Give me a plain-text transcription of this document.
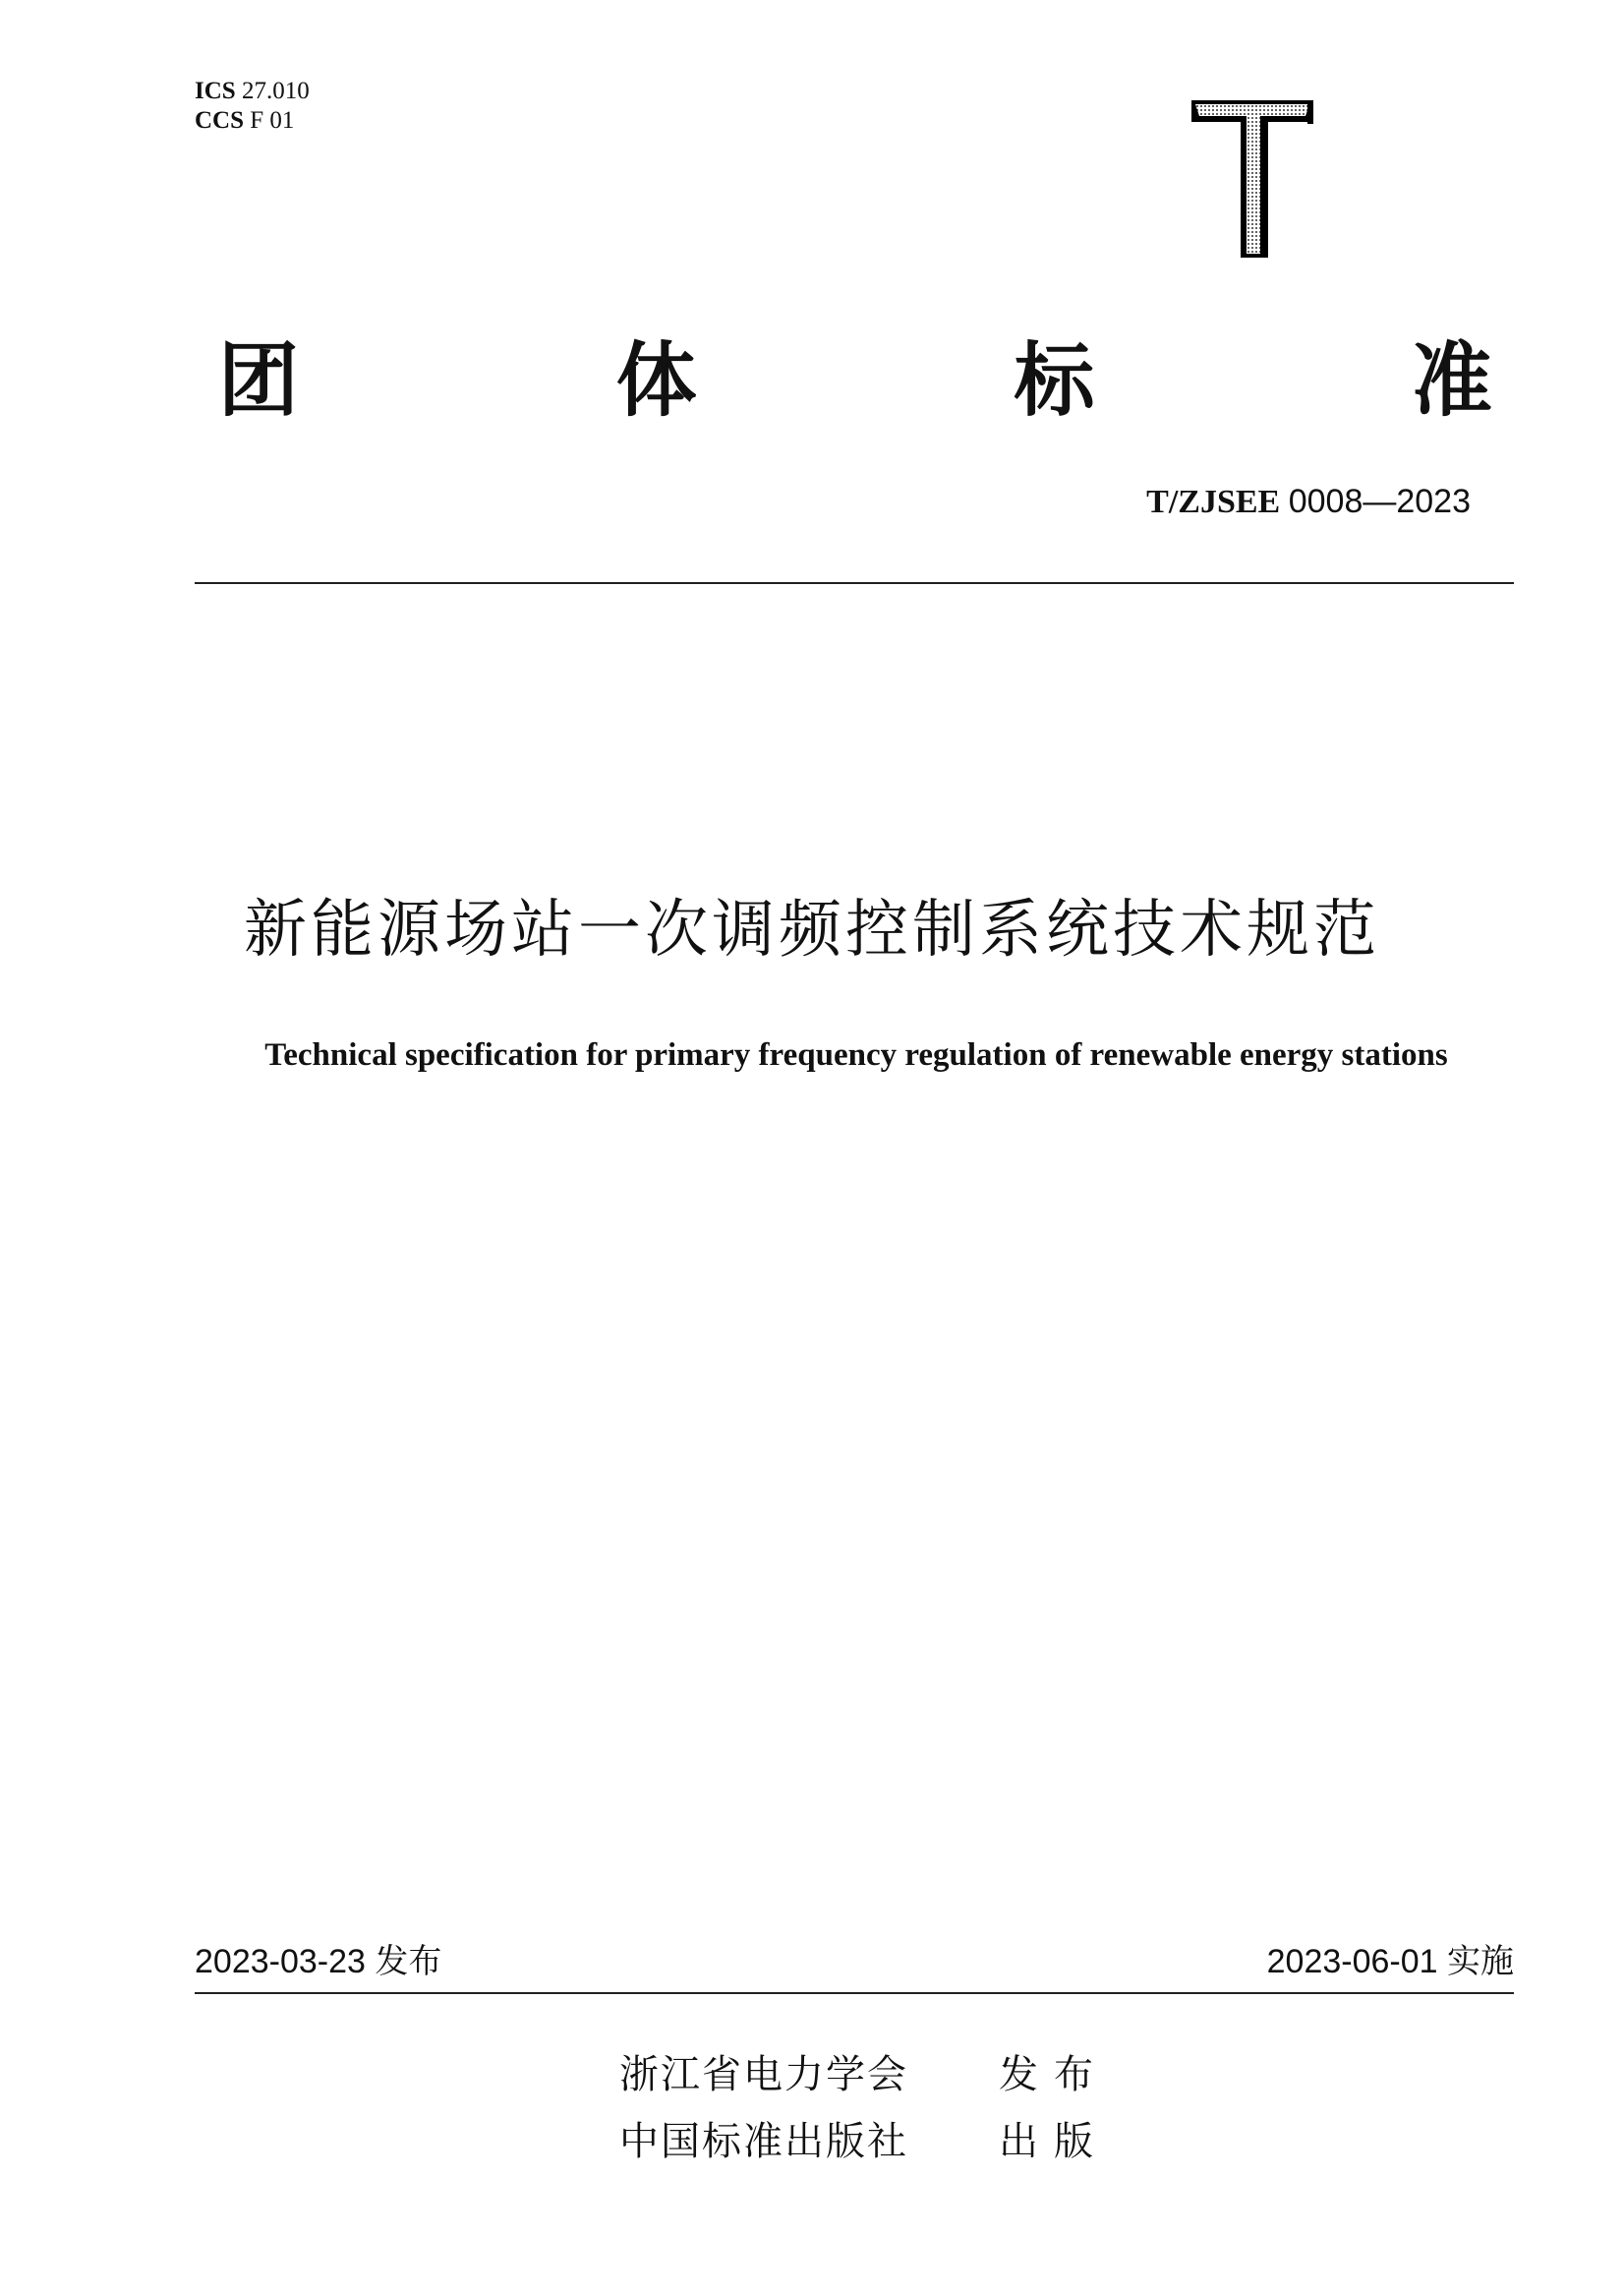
ICS 27.010
CCS F 01
团	体	标	准
T/ZJSEE 0008—2023
新能源场站一次调频控制系统技术规范
Technical specification for primary frequency regulation of renewable energy stations
2023-03-23 发布	2023-06-01 实施
浙江省电力学会	发布
中国标准出版社	出版
